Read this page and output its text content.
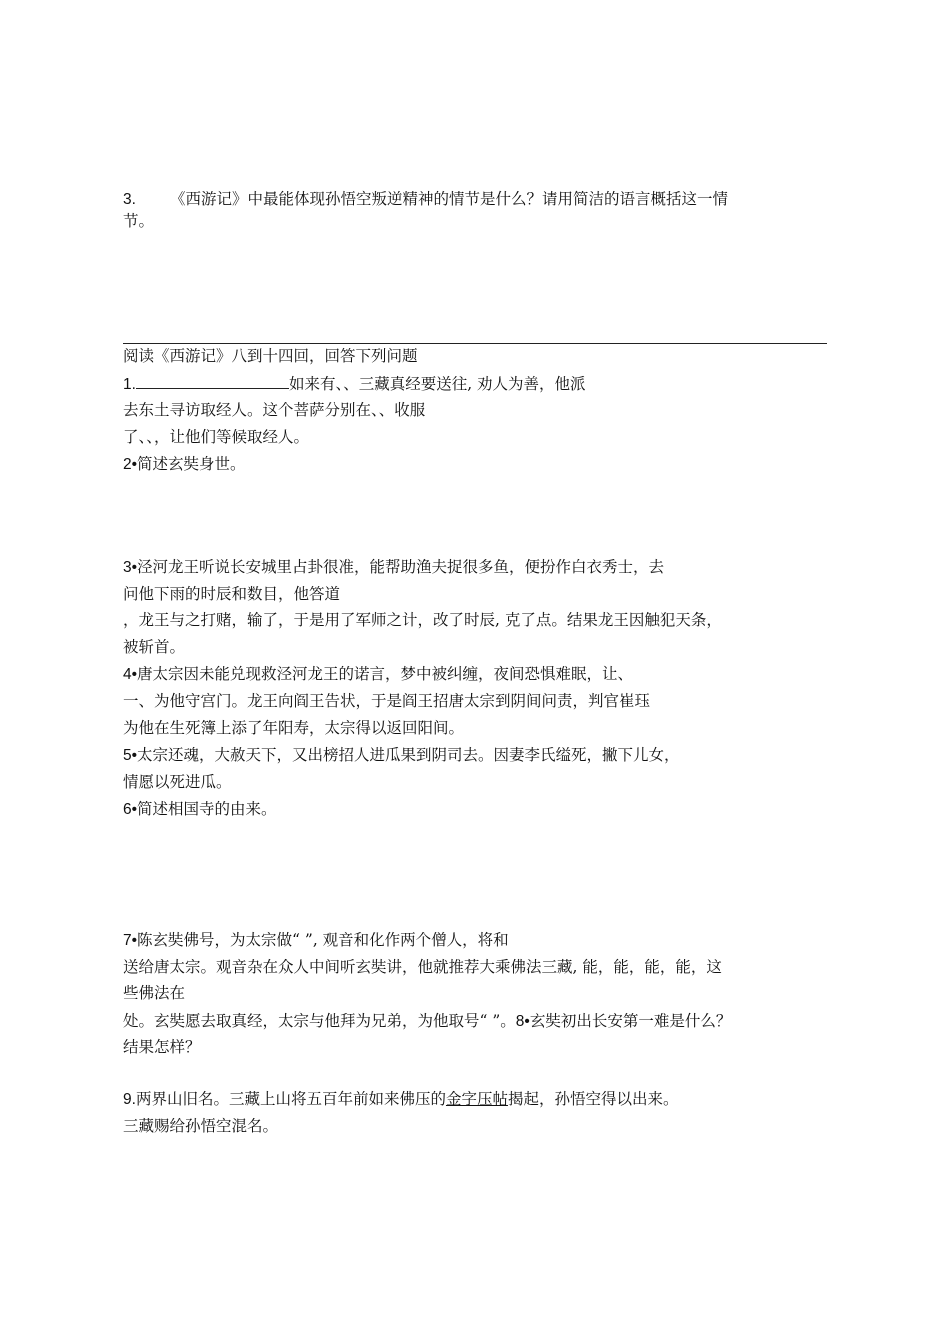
3. 《西游记》中最能体现孙悟空叛逆精神的情节是什么？请用简洁的语言概括这一情

节。

阅读《西游记》八到十四回，回答下列问题

1.	如来有、、三藏真经要送往, 劝人为善，他派

去东土寻访取经人。这个菩萨分别在、、收服

了、、，让他们等候取经人。

2•简述玄奘身世。

3•泾河龙王听说长安城里占卦很准，能帮助渔夫捉很多鱼，便扮作白衣秀士，去

问他下雨的时辰和数目，他答道

，龙王与之打赌，输了，于是用了军师之计，改了时辰, 克了点。结果龙王因触犯天条，

被斩首。

4•唐太宗因未能兑现救泾河龙王的诺言，梦中被纠缠，夜间恐惧难眠，让、

一、为他守宫门。龙王向阎王告状，于是阎王招唐太宗到阴间问责，判官崔珏

为他在生死簿上添了年阳寿，太宗得以返回阳间。

5•太宗还魂，大赦天下，又出榜招人进瓜果到阴司去。因妻李氏缢死，撇下儿女，

情愿以死进瓜。

6•简述相国寺的由来。

7•陈玄奘佛号，为太宗做“ ”, 观音和化作两个僧人，将和

送给唐太宗。观音杂在众人中间听玄奘讲，他就推荐大乘佛法三藏, 能，能，能，能，这

些佛法在

处。玄奘愿去取真经，太宗与他拜为兄弟，为他取号“ ”。8•玄奘初出长安第一难是什么？

结果怎样？

9.两界山旧名。三藏上山将五百年前如来佛压的金字压帖揭起，孙悟空得以出来。

三藏赐给孙悟空混名。
